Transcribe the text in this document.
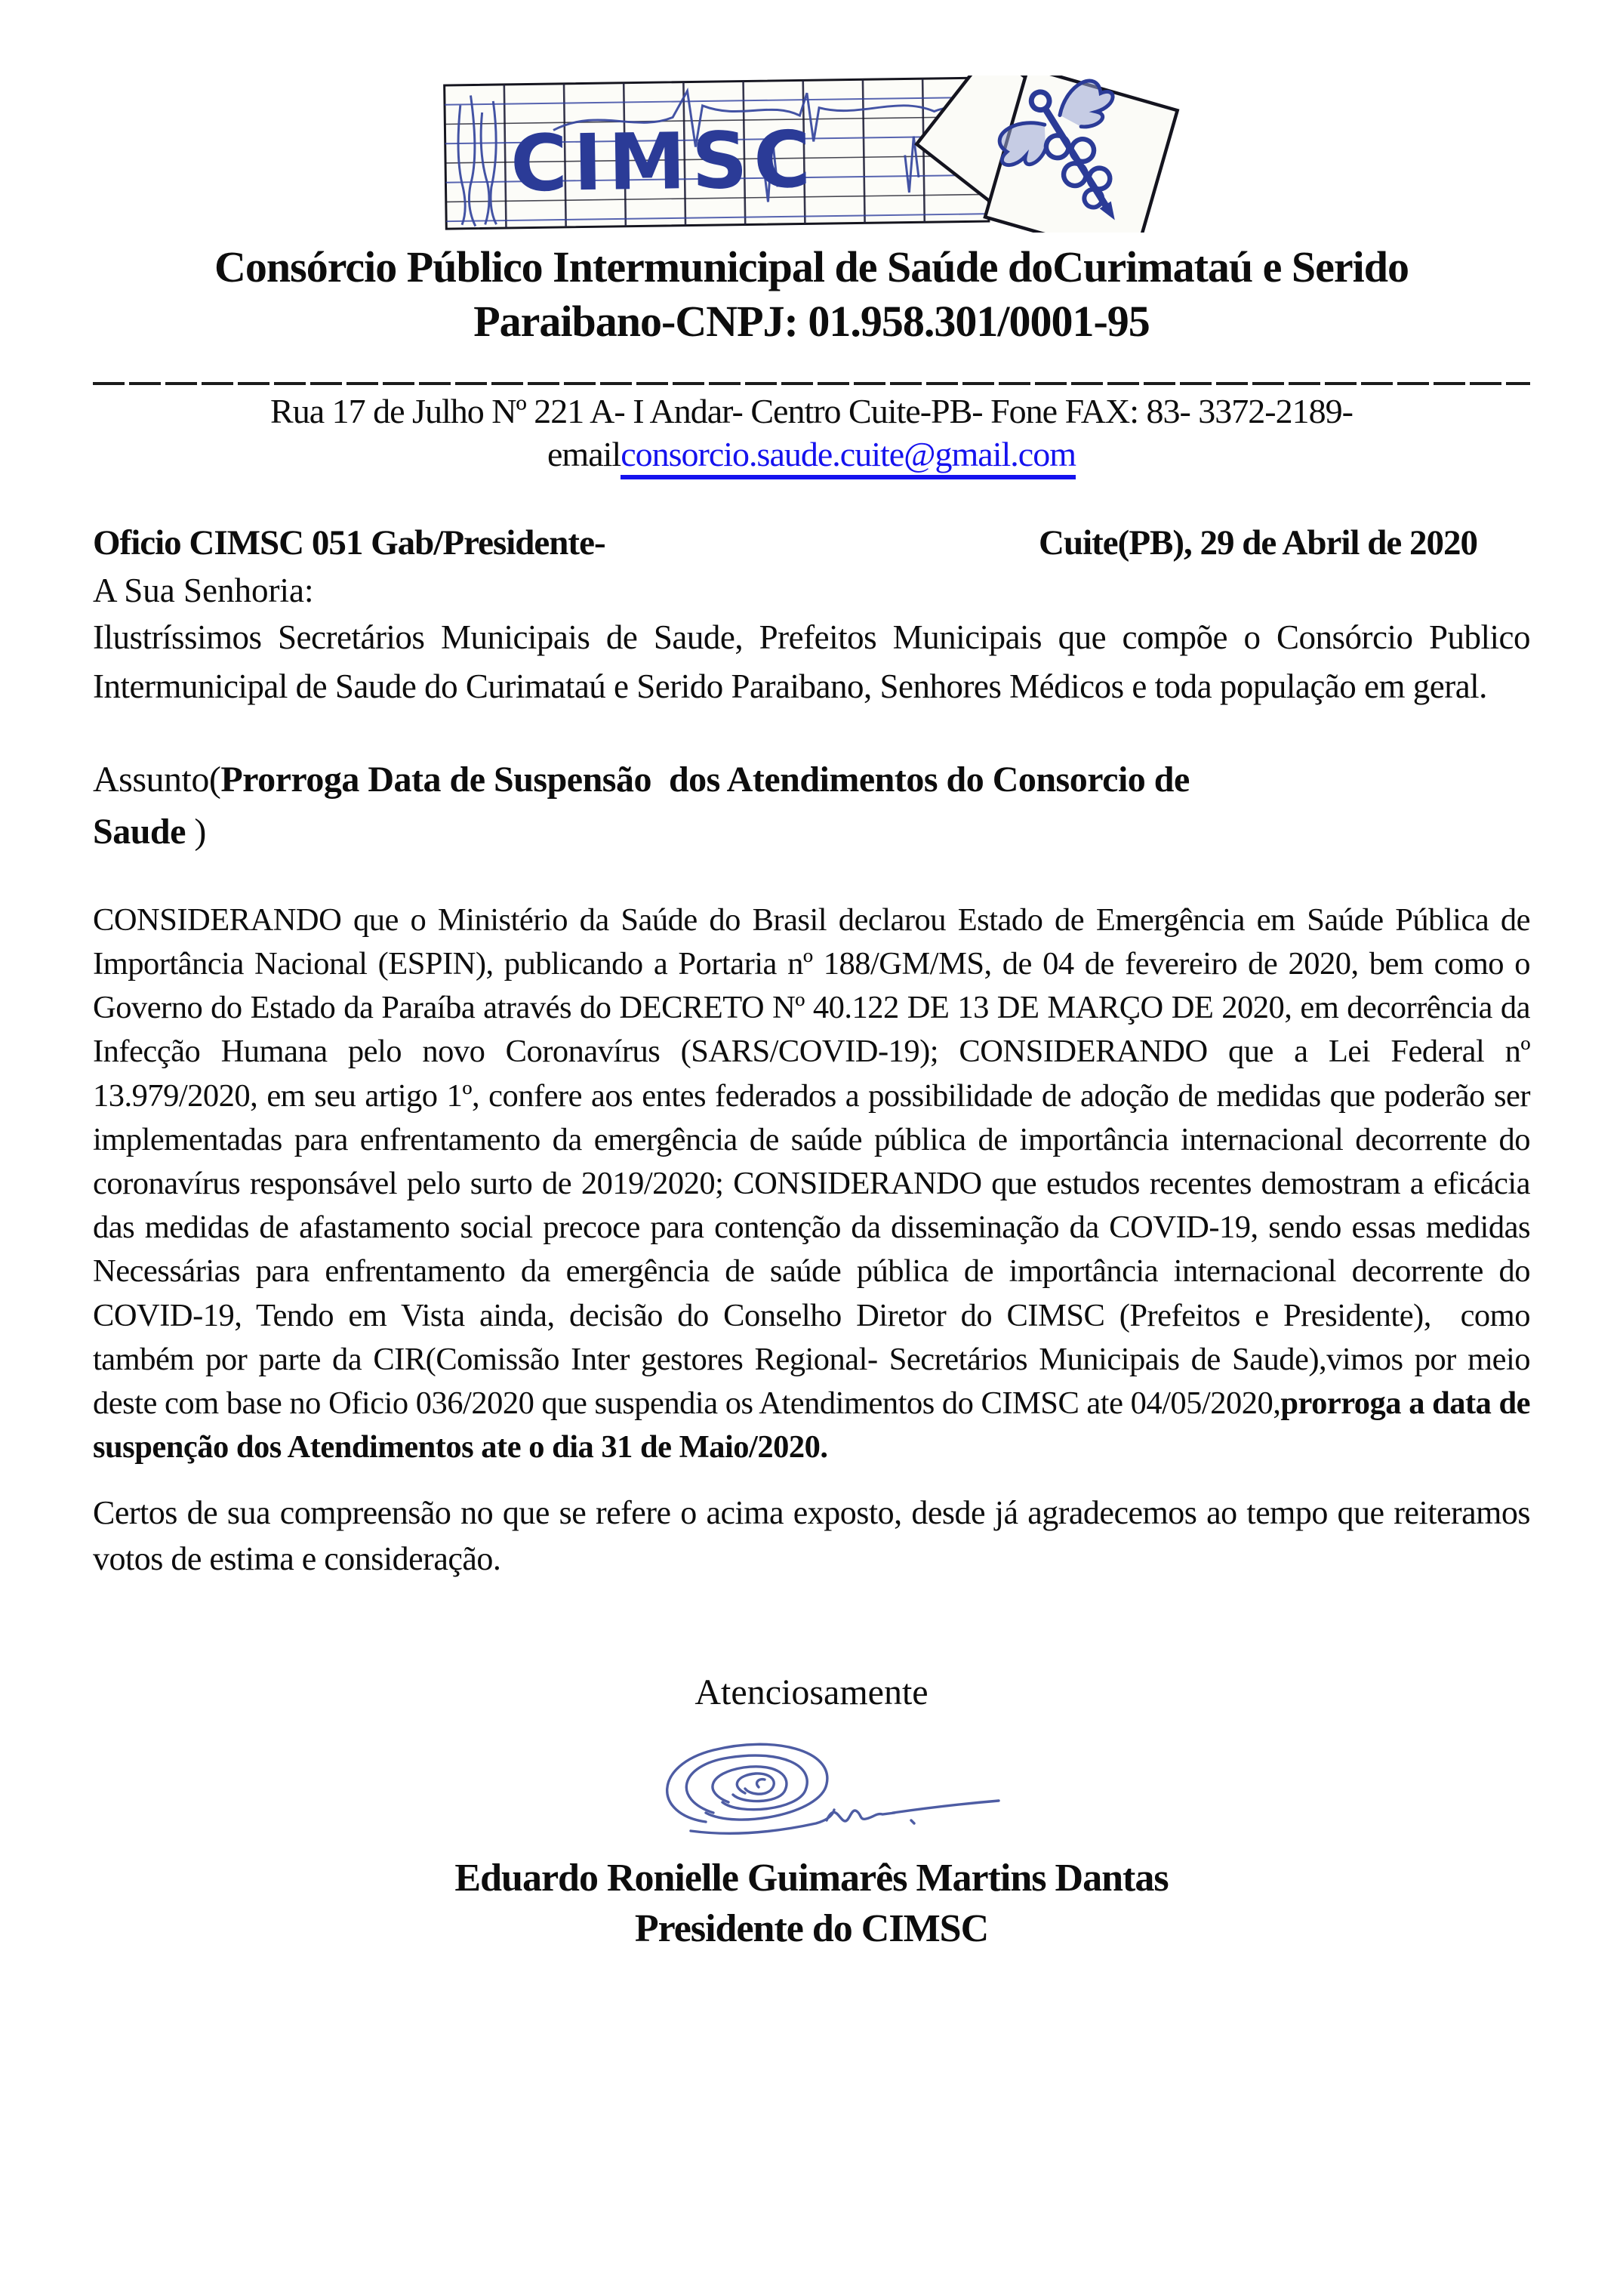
CIMSC
Consórcio Público Intermunicipal de Saúde doCurimataú e Serido
Paraibano-CNPJ: 01.958.301/0001-95
Rua 17 de Julho Nº 221 A- I Andar- Centro Cuite-PB- Fone FAX: 83- 3372-2189-
emailconsorcio.saude.cuite@gmail.com
Oficio CIMSC 051 Gab/Presidente-	Cuite(PB), 29 de Abril de 2020
A Sua Senhoria:

Ilustríssimos Secretários Municipais de Saude, Prefeitos Municipais que compõe o Consórcio Publico Intermunicipal de Saude do Curimataú e Serido Paraibano, Senhores Médicos e toda população em geral.

Assunto(Prorroga Data de Suspensão  dos Atendimentos do Consorcio de
Saude )

CONSIDERANDO que o Ministério da Saúde do Brasil declarou Estado de Emergência em Saúde Pública de Importância Nacional (ESPIN), publicando a Portaria nº 188/GM/MS, de 04 de fevereiro de 2020, bem como o Governo do Estado da Paraíba através do DECRETO Nº 40.122 DE 13 DE MARÇO DE 2020, em decorrência da Infecção Humana pelo novo Coronavírus (SARS/COVID-19); CONSIDERANDO que a Lei Federal nº 13.979/2020, em seu artigo 1º, confere aos entes federados a possibilidade de adoção de medidas que poderão ser implementadas para enfrentamento da emergência de saúde pública de importância internacional decorrente do coronavírus responsável pelo surto de 2019/2020; CONSIDERANDO que estudos recentes demostram a eficácia das medidas de afastamento social precoce para contenção da disseminação da COVID-19, sendo essas medidas Necessárias para enfrentamento da emergência de saúde pública de importância internacional decorrente do COVID-19, Tendo em Vista ainda, decisão do Conselho Diretor do CIMSC (Prefeitos e Presidente),  como também por parte da CIR(Comissão Inter gestores Regional- Secretários Municipais de Saude),vimos por meio deste com base no Oficio 036/2020 que suspendia os Atendimentos do CIMSC ate 04/05/2020,prorroga a data de suspenção dos Atendimentos ate o dia 31 de Maio/2020.

Certos de sua compreensão no que se refere o acima exposto, desde já agradecemos ao tempo que reiteramos votos de estima e consideração.

Atenciosamente
Eduardo Ronielle Guimarês Martins Dantas
Presidente do CIMSC
